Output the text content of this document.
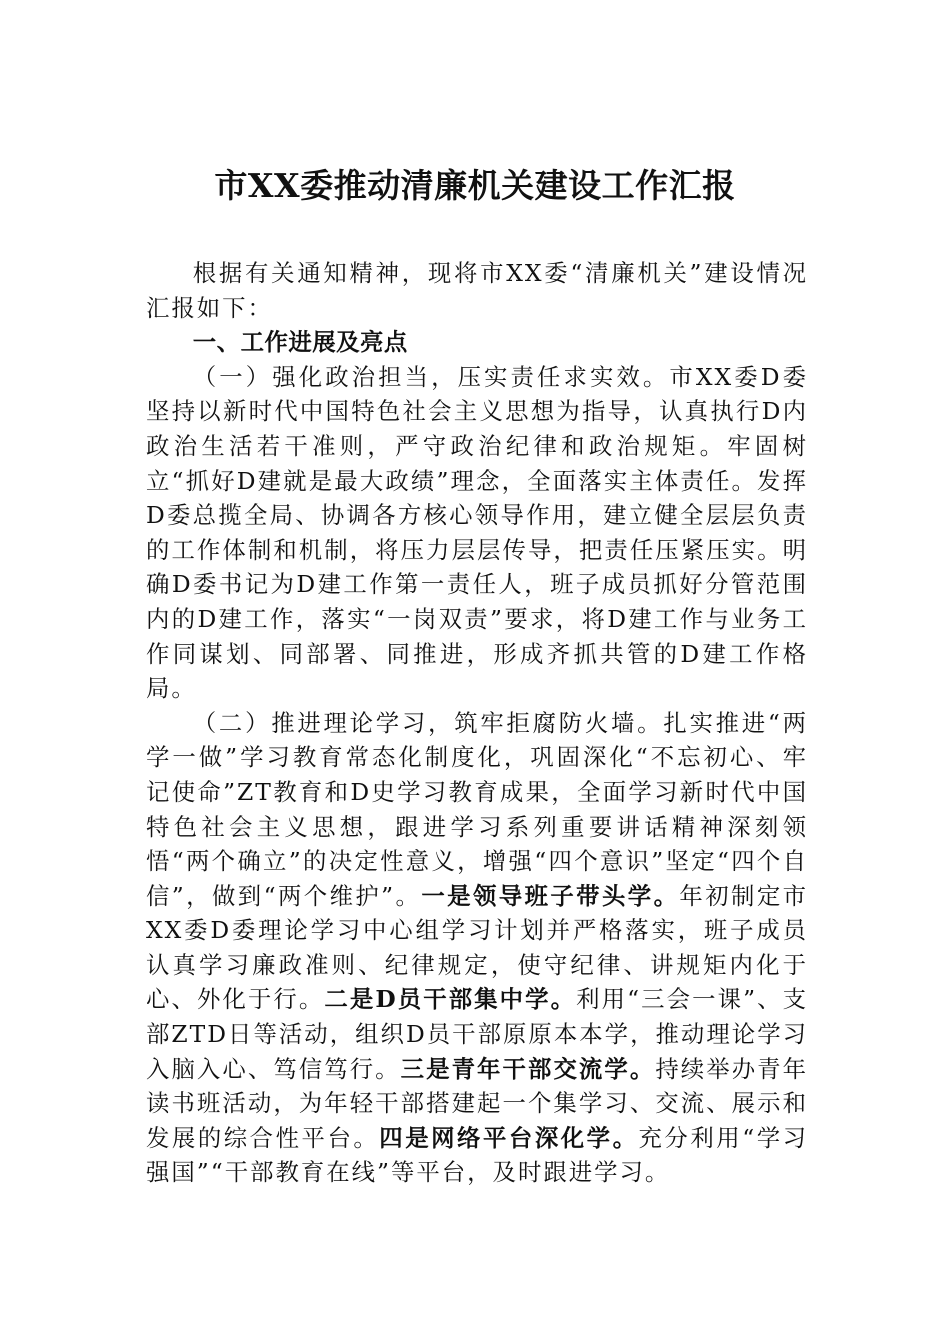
市XX委推动清廉机关建设工作汇报

根据有关通知精神，现将市XX委“清廉机关”建设情况汇报如下：

一、工作进展及亮点

（一）强化政治担当，压实责任求实效。市XX委D委坚持以新时代中国特色社会主义思想为指导，认真执行D内政治生活若干准则，严守政治纪律和政治规矩。牢固树立“抓好D建就是最大政绩”理念，全面落实主体责任。发挥D委总揽全局、协调各方核心领导作用，建立健全层层负责的工作体制和机制，将压力层层传导，把责任压紧压实。明确D委书记为D建工作第一责任人，班子成员抓好分管范围内的D建工作，落实“一岗双责”要求，将D建工作与业务工作同谋划、同部署、同推进，形成齐抓共管的D建工作格局。

（二）推进理论学习，筑牢拒腐防火墙。扎实推进“两学一做”学习教育常态化制度化，巩固深化“不忘初心、牢记使命”ZT教育和D史学习教育成果，全面学习新时代中国特色社会主义思想，跟进学习系列重要讲话精神深刻领悟“两个确立”的决定性意义，增强“四个意识”坚定“四个自信”，做到“两个维护”。一是领导班子带头学。年初制定市XX委D委理论学习中心组学习计划并严格落实，班子成员认真学习廉政准则、纪律规定，使守纪律、讲规矩内化于心、外化于行。二是D员干部集中学。利用“三会一课”、支部ZTD日等活动，组织D员干部原原本本学，推动理论学习入脑入心、笃信笃行。三是青年干部交流学。持续举办青年读书班活动，为年轻干部搭建起一个集学习、交流、展示和发展的综合性平台。四是网络平台深化学。充分利用“学习强国”“干部教育在线”等平台，及时跟进学习。
